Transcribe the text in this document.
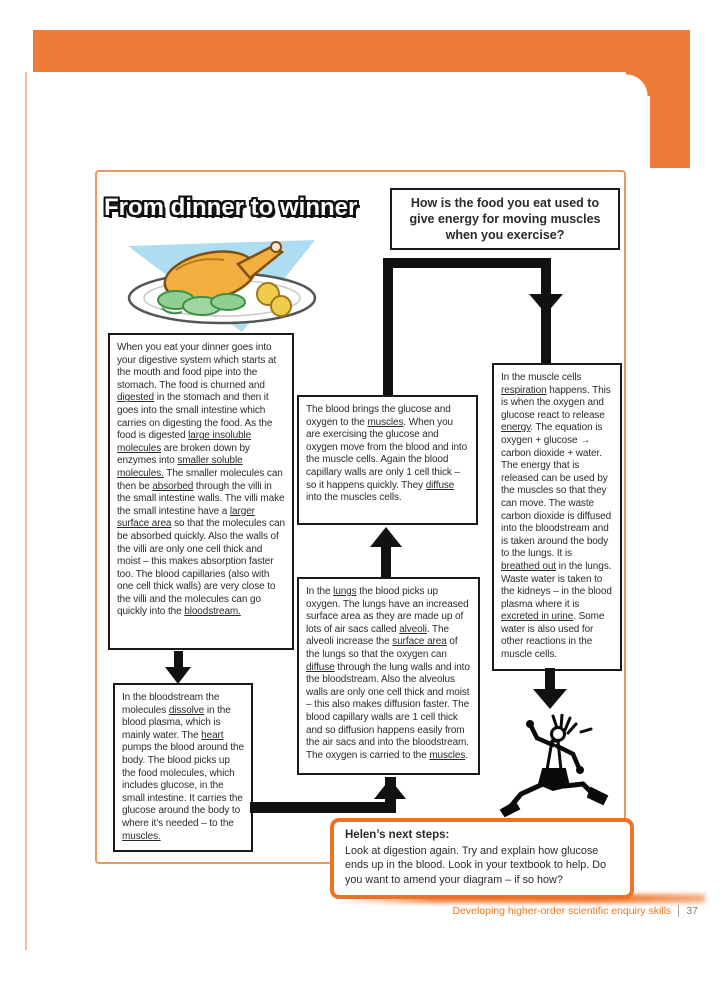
From dinner to winner	How is the food you eat used to give energy for moving muscles when you exercise?
When you eat your dinner goes into your digestive system which starts at the mouth and food pipe into the stomach. The food is churned and digested in the stomach and then it goes into the small intestine which carries on digesting the food. As the food is digested large insoluble molecules are broken down by enzymes into smaller soluble molecules. The smaller molecules can then be absorbed through the villi in the small intestine walls. The villi make the small intestine have a larger surface area so that the molecules can be absorbed quickly. Also the walls of the villi are only one cell thick and moist – this makes absorption faster too. The blood capillaries (also with one cell thick walls) are very close to the villi and the molecules can go quickly into the bloodstream.
In the bloodstream the molecules dissolve in the blood plasma, which is mainly water. The heart pumps the blood around the body. The blood picks up the food molecules, which includes glucose, in the small intestine. It carries the glucose around the body to where it’s needed – to the muscles.
The blood brings the glucose and oxygen to the muscles. When you are exercising the glucose and oxygen move from the blood and into the muscle cells. Again the blood capillary walls are only 1 cell thick – so it happens quickly. They diffuse into the muscles cells.
In the lungs the blood picks up oxygen. The lungs have an increased surface area as they are made up of lots of air sacs called alveoli. The alveoli increase the surface area of the lungs so that the oxygen can diffuse through the lung walls and into the bloodstream. Also the alveolus walls are only one cell thick and moist – this also makes diffusion faster. The blood capillary walls are 1 cell thick and so diffusion happens easily from the air sacs and into the bloodstream. The oxygen is carried to the muscles.
In the muscle cells respiration happens. This is when the oxygen and glucose react to release energy. The equation is oxygen + glucose → carbon dioxide + water. The energy that is released can be used by the muscles so that they can move. The waste carbon dioxide is diffused into the bloodstream and is taken around the body to the lungs. It is breathed out in the lungs. Waste water is taken to the kidneys – in the blood plasma where it is excreted in urine. Some water is also used for other reactions in the muscle cells.
Helen’s next steps:
Look at digestion again. Try and explain how glucose ends up in the blood. Look in your textbook to help. Do you want to amend your diagram – if so how?
Developing higher-order scientific enquiry skills 37
